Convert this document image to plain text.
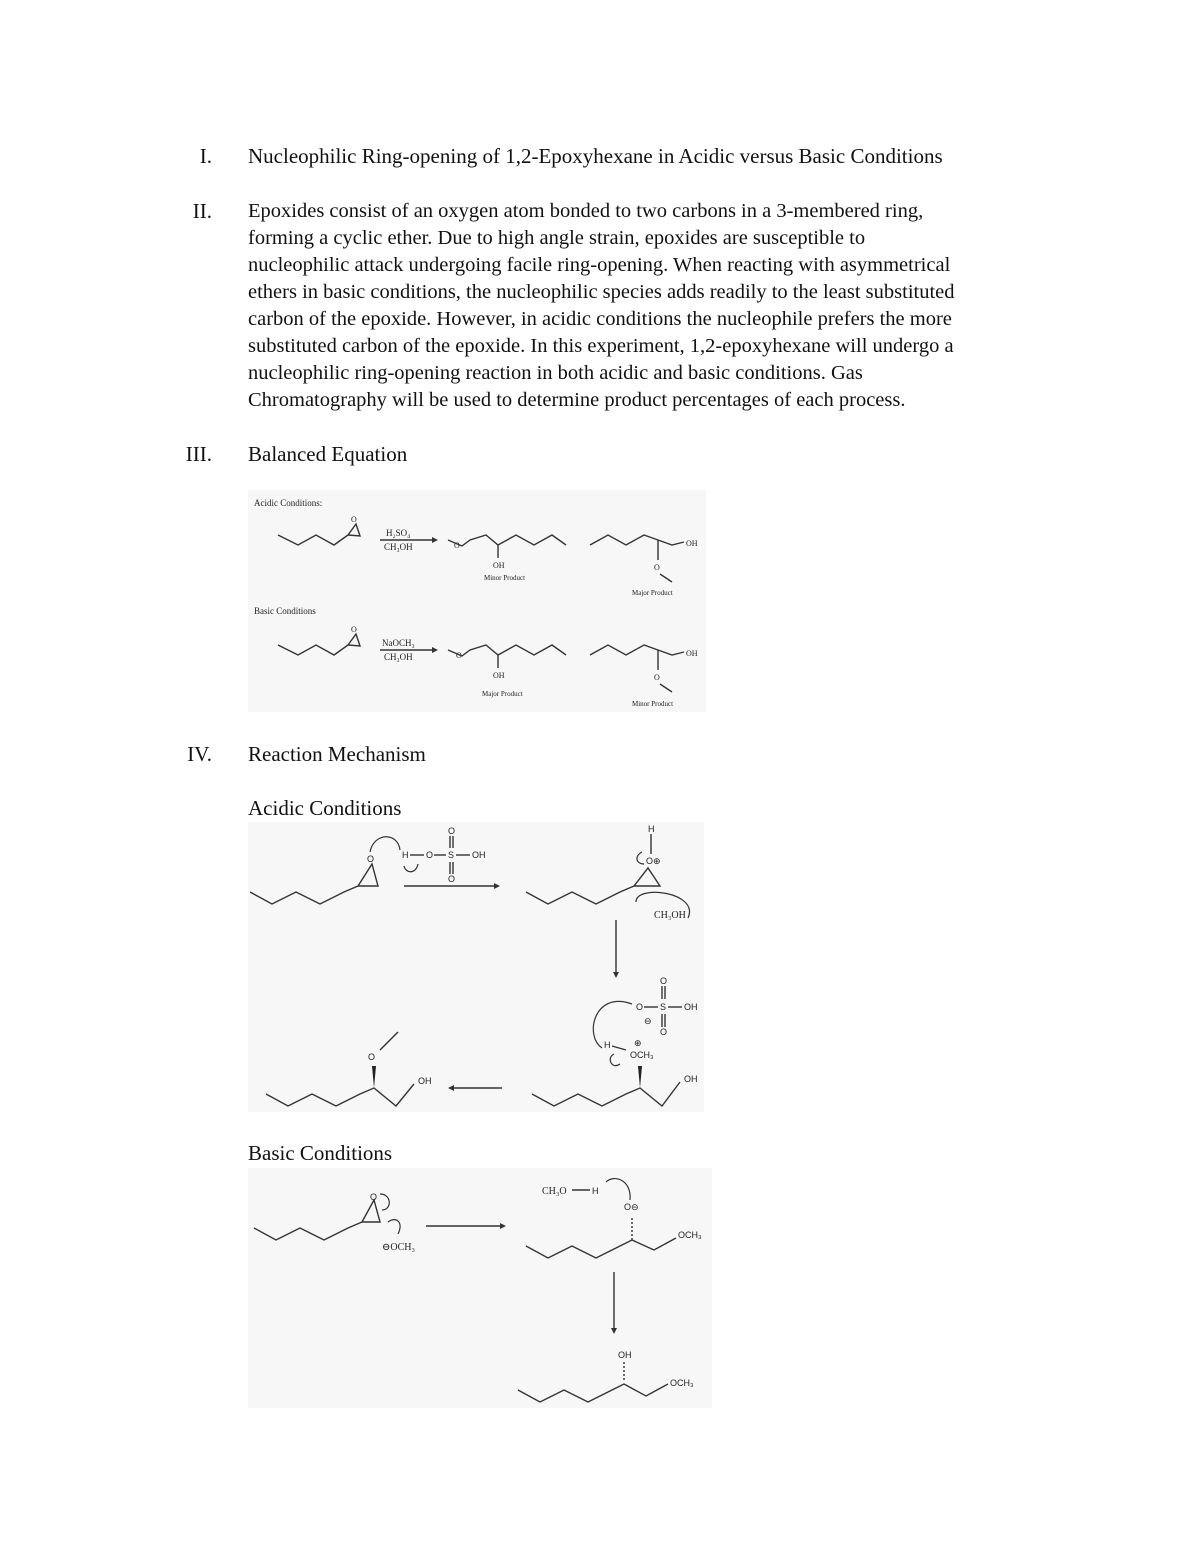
I. Nucleophilic Ring-opening of 1,2-Epoxyhexane in Acidic versus Basic Conditions
II. Epoxides consist of an oxygen atom bonded to two carbons in a 3-membered ring,
forming a cyclic ether. Due to high angle strain, epoxides are susceptible to
nucleophilic attack undergoing facile ring-opening. When reacting with asymmetrical
ethers in basic conditions, the nucleophilic species adds readily to the least substituted
carbon of the epoxide. However, in acidic conditions the nucleophile prefers the more
substituted carbon of the epoxide. In this experiment, 1,2-epoxyhexane will undergo a
nucleophilic ring-opening reaction in both acidic and basic conditions. Gas
Chromatography will be used to determine product percentages of each process.
III. Balanced Equation
Acidic Conditions:
O
H₂SO₄
CH₃OH	O
OH
Minor Product
O
OH
Major Product
Basic Conditions
O
NaOCH₃
CH₃OH	O
OH
Major Product
O
OH
Minor Product
IV. Reaction Mechanism
Acidic Conditions
O	H O S OH
O
O
H
O⊕
CH₃OH
O S OH
O
O
⊖
H	⊕
OCH₃
OH
O
OH
Basic Conditions
O
⊖OCH₃
CH₃O	H
O⊖
OCH₃
OH
OCH₃
